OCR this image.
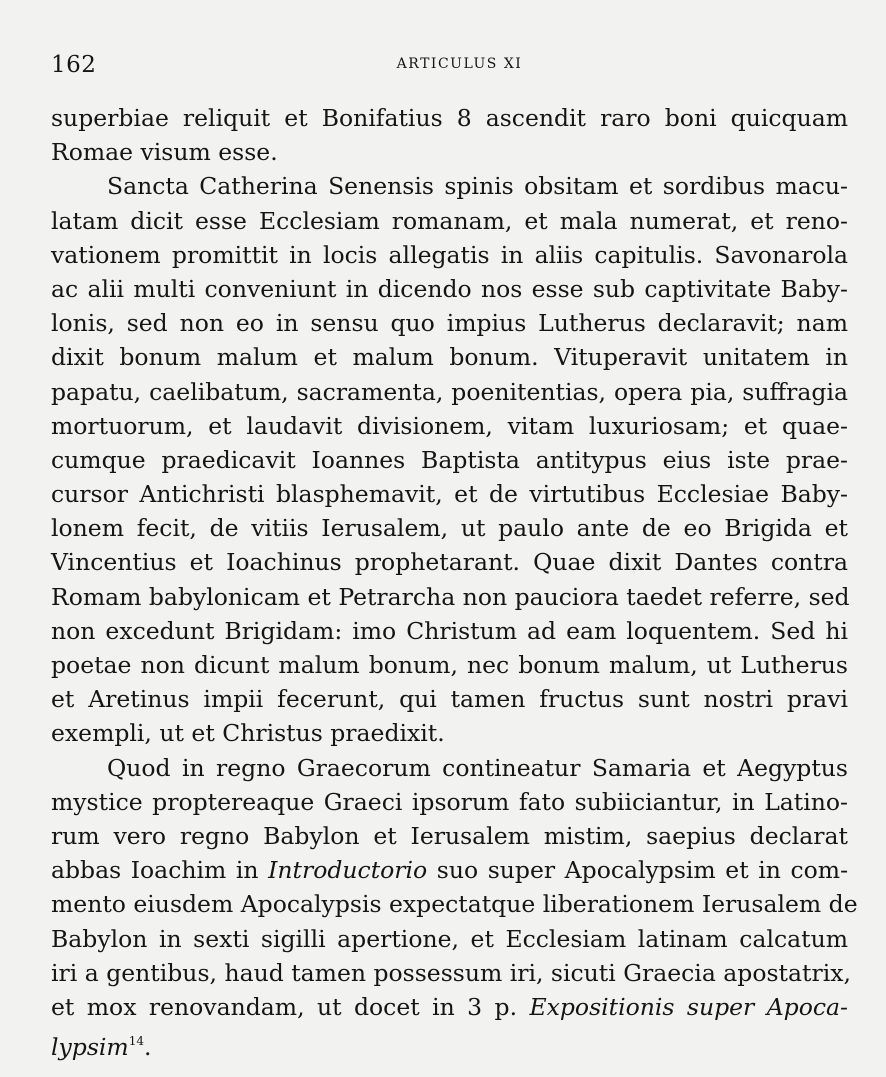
162	ARTICULUS XI

superbiae reliquit et Bonifatius 8 ascendit raro boni quicquam
Romae visum esse.

Sancta Catherina Senensis spinis obsitam et sordibus macu-
latam dicit esse Ecclesiam romanam, et mala numerat, et reno-
vationem promittit in locis allegatis in aliis capitulis. Savonarola
ac alii multi conveniunt in dicendo nos esse sub captivitate Baby-
lonis, sed non eo in sensu quo impius Lutherus declaravit; nam
dixit bonum malum et malum bonum. Vituperavit unitatem in
papatu, caelibatum, sacramenta, poenitentias, opera pia, suffragia
mortuorum, et laudavit divisionem, vitam luxuriosam; et quae-
cumque praedicavit Ioannes Baptista antitypus eius iste prae-
cursor Antichristi blasphemavit, et de virtutibus Ecclesiae Baby-
lonem fecit, de vitiis Ierusalem, ut paulo ante de eo Brigida et
Vincentius et Ioachinus prophetarant. Quae dixit Dantes contra
Romam babylonicam et Petrarcha non pauciora taedet referre, sed
non excedunt Brigidam: imo Christum ad eam loquentem. Sed hi
poetae non dicunt malum bonum, nec bonum malum, ut Lutherus
et Aretinus impii fecerunt, qui tamen fructus sunt nostri pravi
exempli, ut et Christus praedixit.

Quod in regno Graecorum contineatur Samaria et Aegyptus
mystice proptereaque Graeci ipsorum fato subiiciantur, in Latino-
rum vero regno Babylon et Ierusalem mistim, saepius declarat
abbas Ioachim in Introductorio suo super Apocalypsim et in com-
mento eiusdem Apocalypsis expectatque liberationem Ierusalem de
Babylon in sexti sigilli apertione, et Ecclesiam latinam calcatum
iri a gentibus, haud tamen possessum iri, sicuti Graecia apostatrix,
et mox renovandam, ut docet in 3 p. Expositionis super Apoca-
lypsim$^{14}$.
